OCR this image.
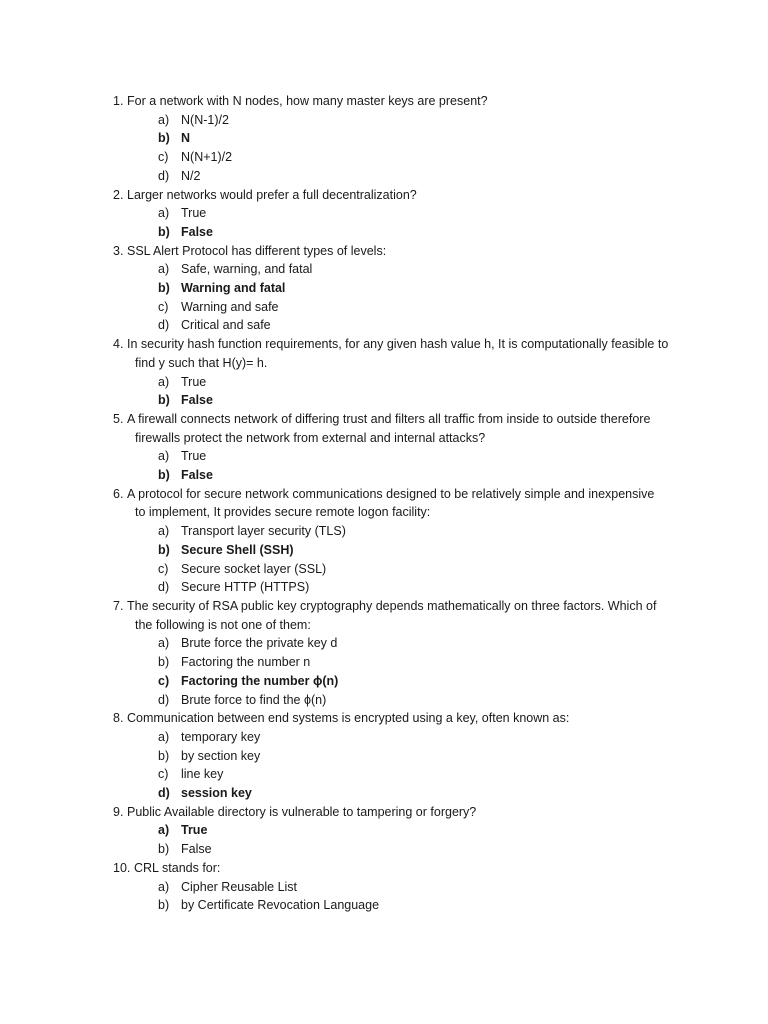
1. For a network with N nodes, how many master keys are present?
a) N(N-1)/2
b) N
c)	N(N+1)/2
d) N/2
2. Larger networks would prefer a full decentralization?
a) True
b) False
3. SSL Alert Protocol has different types of levels:
a) Safe, warning, and fatal
b) Warning and fatal
c)	Warning and safe
d) Critical and safe
4. In security hash function requirements, for any given hash value h, It is computationally feasible to
find y such that H(y)= h.
a) True
b) False
5. A firewall connects network of differing trust and filters all traffic from inside to outside therefore
firewalls protect the network from external and internal attacks?
a) True
b) False
6. A protocol for secure network communications designed to be relatively simple and inexpensive
to implement, It provides secure remote logon facility:
a) Transport layer security (TLS)
b) Secure Shell (SSH)
c)	Secure socket layer (SSL)
d) Secure HTTP (HTTPS)
7. The security of RSA public key cryptography depends mathematically on three factors. Which of
the following is not one of them:
a) Brute force the private key d
b) Factoring the number n
c) Factoring the number ϕ(n)
d) Brute force to find the ϕ(n)
8. Communication between end systems is encrypted using a key, often known as:
a) temporary key
b) by section key
c)	line key
d) session key
9. Public Available directory is vulnerable to tampering or forgery?
a) True
b) False
10. CRL stands for:
a) Cipher Reusable List
b) by Certificate Revocation Language
